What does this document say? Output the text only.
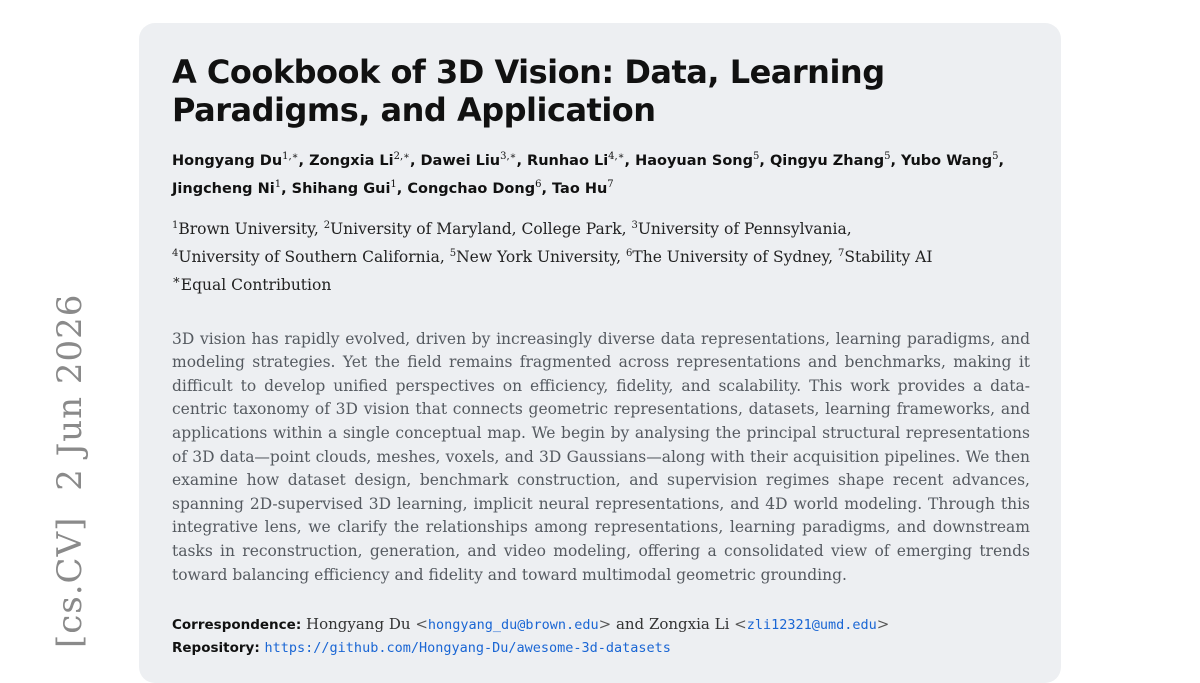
[cs.CV] 2 Jun 2026
A Cookbook of 3D Vision: Data, Learning Paradigms, and Application
Hongyang $Du^{1,∗}$, Zongxia $Li^{2,∗}$, Dawei Liu$^{3,∗}$, Runhao $Li^{4,∗}$, Haoyuan Song$^5$, Qingyu Zhang$^5$, Yubo Wang$^5$, Jingcheng Ni$^1$, Shihang Gui$^1$, Congchao Dong$^6$, Tao Hu$^7$
$^1$Brown University, $^2$University of Maryland, College Park, $^3$University of Pennsylvania,
$^4$University of Southern California, $^5$New York University, $^6$The University of Sydney, $^7$Stability AI
∗Equal Contribution
3D vision has rapidly evolved, driven by increasingly diverse data representations, learning paradigms, and modeling strategies. Yet the field remains fragmented across representations and benchmarks, making it difficult to develop unified perspectives on efficiency, fidelity, and scalability. This work provides a data-centric taxonomy of 3D vision that connects geometric representations, datasets, learning frameworks, and applications within a single conceptual map. We begin by analysing the principal structural representations of 3D data—point clouds, meshes, voxels, and 3D Gaussians—along with their acquisition pipelines. We then examine how dataset design, benchmark construction, and supervision regimes shape recent advances, spanning 2D-supervised 3D learning, implicit neural representations, and 4D world modeling. Through this integrative lens, we clarify the relationships among representations, learning paradigms, and downstream tasks in reconstruction, generation, and video modeling, offering a consolidated view of emerging trends toward balancing efficiency and fidelity and toward multimodal geometric grounding.
Correspondence: Hongyang Du <hongyang_du@brown.edu> and Zongxia Li <zli12321@umd.edu>
Repository: https://github.com/Hongyang-Du/awesome-3d-datasets
